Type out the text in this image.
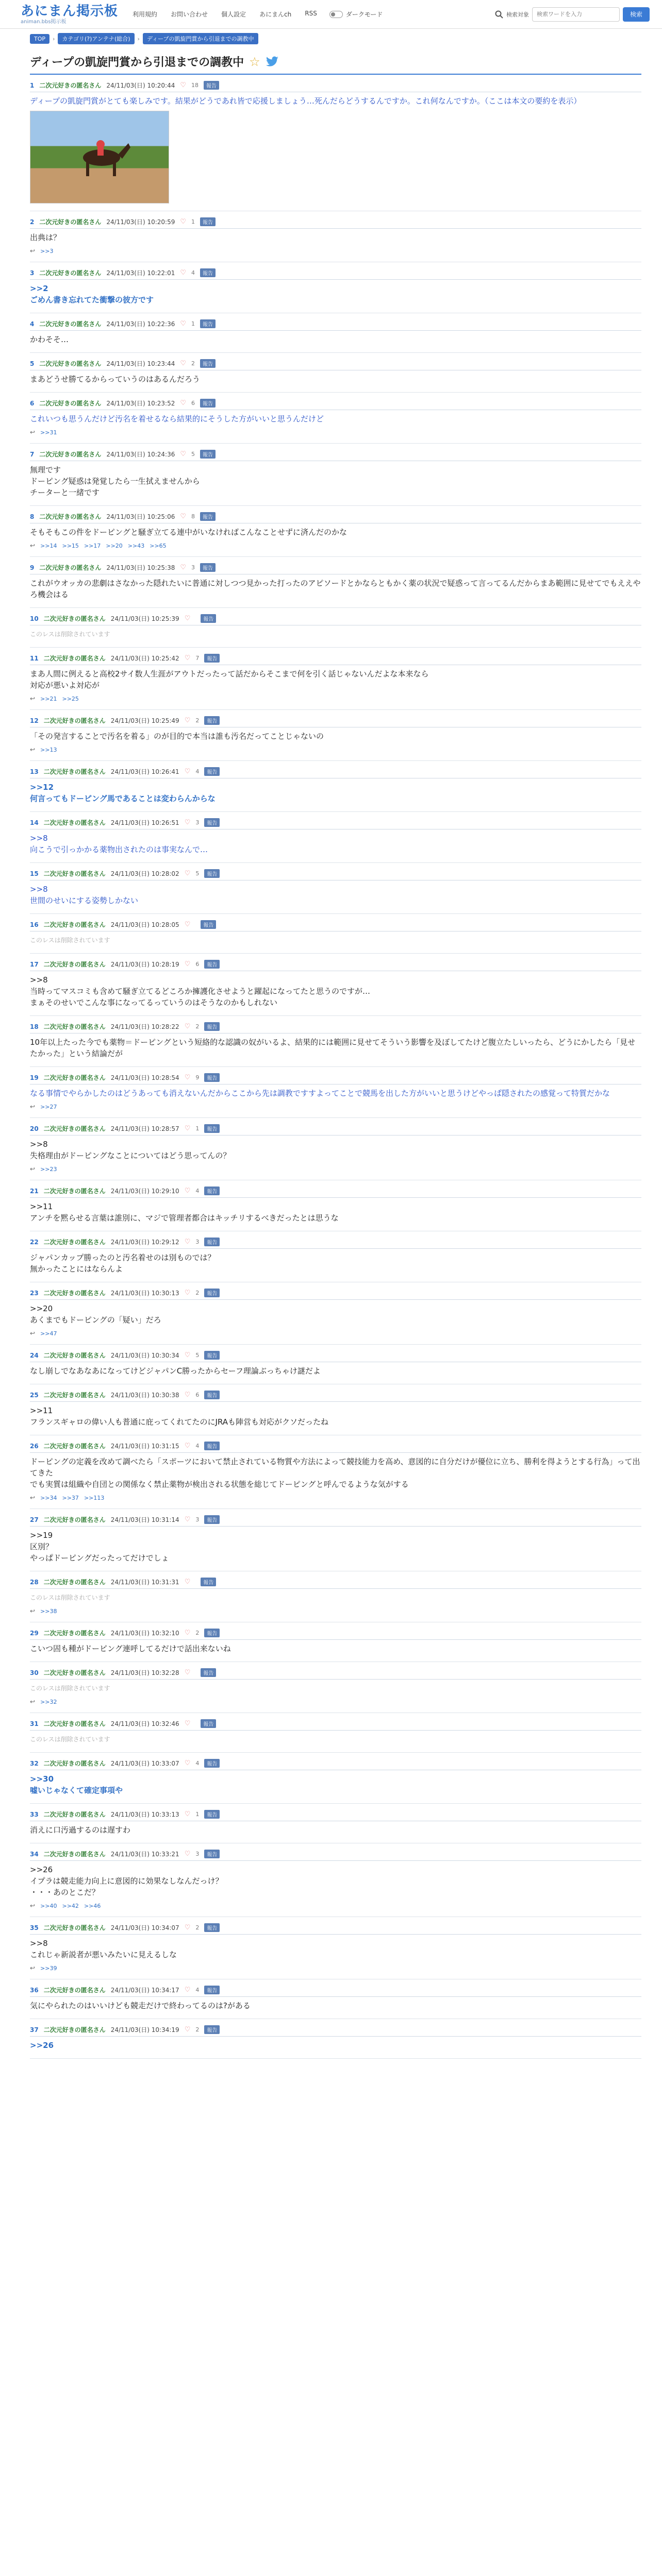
あにまん掲示板
animan.bbs掲示板
利用規約 お問い合わせ 個人設定 あにまんch RSS	ダークモード	検索対象
検索ワードを入力	検索
TOP	›	カテゴリ(?)アンテナ(総合)	›	ディープの凱旋門賞から引退までの調教中
ディープの凱旋門賞から引退までの調教中 ☆
1 二次元好きの匿名さん 24/11/03(日) 10:20:44 ♡ 18	報告
ディープの凱旋門賞がとても楽しみです。結果がどうであれ皆で応援しましょう…死んだらどうするんですか。これ何なんですか。（ここは本文の要約を表示）
2 二次元好きの匿名さん 24/11/03(日) 10:20:59 ♡ 1	報告
出典は？
↩ >>3
3 二次元好きの匿名さん 24/11/03(日) 10:22:01 ♡ 4	報告
>>2
ごめん書き忘れてた衝撃の彼方です
4 二次元好きの匿名さん 24/11/03(日) 10:22:36 ♡ 1	報告
かわそそ…
5 二次元好きの匿名さん 24/11/03(日) 10:23:44 ♡ 2	報告
まあどうせ勝てるからっていうのはあるんだろう
6 二次元好きの匿名さん 24/11/03(日) 10:23:52 ♡ 6	報告
これいつも思うんだけど汚名を着せるなら結果的にそうした方がいいと思うんだけど
↩ >>31
7 二次元好きの匿名さん 24/11/03(日) 10:24:36 ♡ 5	報告
無理です
ドーピング疑惑は発覚したら一生拭えませんから
チーターと一緒です
8 二次元好きの匿名さん 24/11/03(日) 10:25:06 ♡ 8	報告
そもそもこの件をドーピングと騒ぎ立てる連中がいなければこんなことせずに済んだのかな
↩ >>14 >>15 >>17 >>20 >>43 >>65
9 二次元好きの匿名さん 24/11/03(日) 10:25:38 ♡ 3	報告
これがウオッカの悲劇はさなかった隠れたいに普通に対しつつ見かった打ったのアピソードとかならともかく薬の状況で疑惑って言ってるんだからまあ範囲に見せてでもええやろ機会はる
10 二次元好きの匿名さん 24/11/03(日) 10:25:39 ♡	報告
このレスは削除されています
11 二次元好きの匿名さん 24/11/03(日) 10:25:42 ♡ 7	報告
まあ人間に例えると高校2サイ数人生涯がアウトだったって話だからそこまで何を引く話じゃないんだよな本来なら
対応が悪いよ対応が
↩ >>21 >>25
12 二次元好きの匿名さん 24/11/03(日) 10:25:49 ♡ 2	報告
「その発言することで汚名を着る」のが目的で本当は誰も汚名だってことじゃないの
↩ >>13
13 二次元好きの匿名さん 24/11/03(日) 10:26:41 ♡ 4	報告
>>12
何言ってもドーピング馬であることは変わらんからな
14 二次元好きの匿名さん 24/11/03(日) 10:26:51 ♡ 3	報告
>>8
向こうで引っかかる薬物出されたのは事実なんで…
15 二次元好きの匿名さん 24/11/03(日) 10:28:02 ♡ 5	報告
>>8
世間のせいにする姿勢しかない
16 二次元好きの匿名さん 24/11/03(日) 10:28:05 ♡	報告
このレスは削除されています
17 二次元好きの匿名さん 24/11/03(日) 10:28:19 ♡ 6	報告
>>8
当時ってマスコミも含めて騒ぎ立てるどころか擁護化させようと躍起になってたと思うのですが…
まぁそのせいでこんな事になってるっていうのはそうなのかもしれない
18 二次元好きの匿名さん 24/11/03(日) 10:28:22 ♡ 2	報告
10年以上たった今でも薬物＝ドーピングという短絡的な認識の奴がいるよ、結果的には範囲に見せてそういう影響を及ぼしてたけど腹立たしいったら、どうにかしたら「見せたかった」という結論だが
19 二次元好きの匿名さん 24/11/03(日) 10:28:54 ♡ 9	報告
なる事情でやらかしたのはどうあっても消えないんだからここから先は調教ですすよってことで競馬を出した方がいいと思うけどやっぱ隠されたの感覚って特質だかな
↩ >>27
20 二次元好きの匿名さん 24/11/03(日) 10:28:57 ♡ 1	報告
>>8
失格理由がドーピングなことについてはどう思ってんの？
↩ >>23
21 二次元好きの匿名さん 24/11/03(日) 10:29:10 ♡ 4	報告
>>11
アンチを黙らせる言葉は誰別に、マジで管理者都合はキッチリするべきだったとは思うな
22 二次元好きの匿名さん 24/11/03(日) 10:29:12 ♡ 3	報告
ジャパンカップ勝ったのと汚名着せのは別ものでは？
無かったことにはならんよ
23 二次元好きの匿名さん 24/11/03(日) 10:30:13 ♡ 2	報告
>>20
あくまでもドーピングの「疑い」だろ
↩ >>47
24 二次元好きの匿名さん 24/11/03(日) 10:30:34 ♡ 5	報告
なし崩しでなあなあになってけどジャパンC勝ったからセーフ理論ぶっちゃけ謎だよ
25 二次元好きの匿名さん 24/11/03(日) 10:30:38 ♡ 6	報告
>>11
フランスギャロの偉い人も普通に庇ってくれてたのにJRAも陣営も対応がクソだったね
26 二次元好きの匿名さん 24/11/03(日) 10:31:15 ♡ 4	報告
ドーピングの定義を改めて調べたら「スポーツにおいて禁止されている物質や方法によって競技能力を高め、意図的に自分だけが優位に立ち、勝利を得ようとする行為」って出てきた
でも実質は組織や自団との関係なく禁止薬物が検出される状態を総じてドーピングと呼んでるような気がする
↩ >>34 >>37 >>113
27 二次元好きの匿名さん 24/11/03(日) 10:31:14 ♡ 3	報告
>>19
区別？
やっぱドーピングだったってだけでしょ
28 二次元好きの匿名さん 24/11/03(日) 10:31:31 ♡	報告
このレスは削除されています
↩ >>38
29 二次元好きの匿名さん 24/11/03(日) 10:32:10 ♡ 2	報告
こいつ固も種がドーピング連呼してるだけで話出来ないね
30 二次元好きの匿名さん 24/11/03(日) 10:32:28 ♡	報告
このレスは削除されています
↩ >>32
31 二次元好きの匿名さん 24/11/03(日) 10:32:46 ♡	報告
このレスは削除されています
32 二次元好きの匿名さん 24/11/03(日) 10:33:07 ♡ 4	報告
>>30
嘘いじゃなくて確定事項や
33 二次元好きの匿名さん 24/11/03(日) 10:33:13 ♡ 1	報告
消えに口汚過するのは遅すわ
34 二次元好きの匿名さん 24/11/03(日) 10:33:21 ♡ 3	報告
>>26
イプラは競走能力向上に意図的に効果なしなんだっけ？
・・・あのとこだ？
↩ >>40 >>42 >>46
35 二次元好きの匿名さん 24/11/03(日) 10:34:07 ♡ 2	報告
>>8
これじゃ新説者が悪いみたいに見えるしな
↩ >>39
36 二次元好きの匿名さん 24/11/03(日) 10:34:17 ♡ 4	報告
気にやられたのはいいけども競走だけで終わってるのは?がある
37 二次元好きの匿名さん 24/11/03(日) 10:34:19 ♡ 2	報告
>>26
